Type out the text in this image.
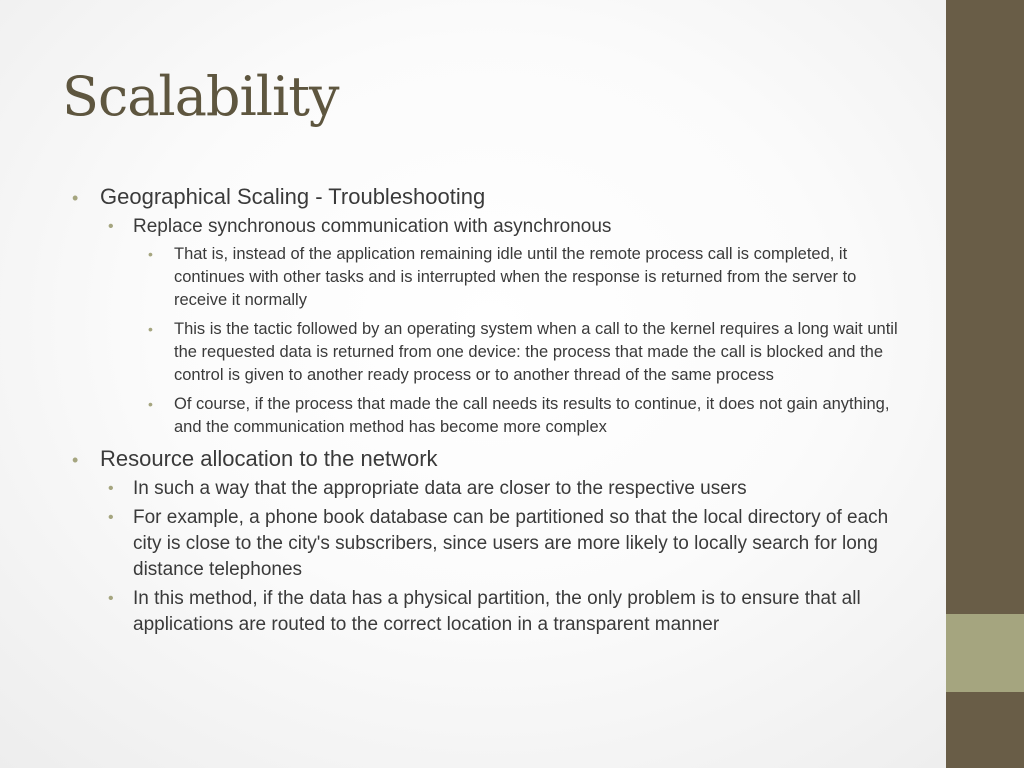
Scalability
• Geographical Scaling - Troubleshooting
• Replace synchronous communication with asynchronous
• That is, instead of the application remaining idle until the remote process call is completed, it continues with other tasks and is interrupted when the response is returned from the server to receive it normally
• This is the tactic followed by an operating system when a call to the kernel requires a long wait until the requested data is returned from one device: the process that made the call is blocked and the control is given to another ready process or to another thread of the same process
• Of course, if the process that made the call needs its results to continue, it does not gain anything, and the communication method has become more complex
• Resource allocation to the network
• In such a way that the appropriate data are closer to the respective users
• For example, a phone book database can be partitioned so that the local directory of each city is close to the city's subscribers, since users are more likely to locally search for long distance telephones
• In this method, if the data has a physical partition, the only problem is to ensure that all applications are routed to the correct location in a transparent manner
